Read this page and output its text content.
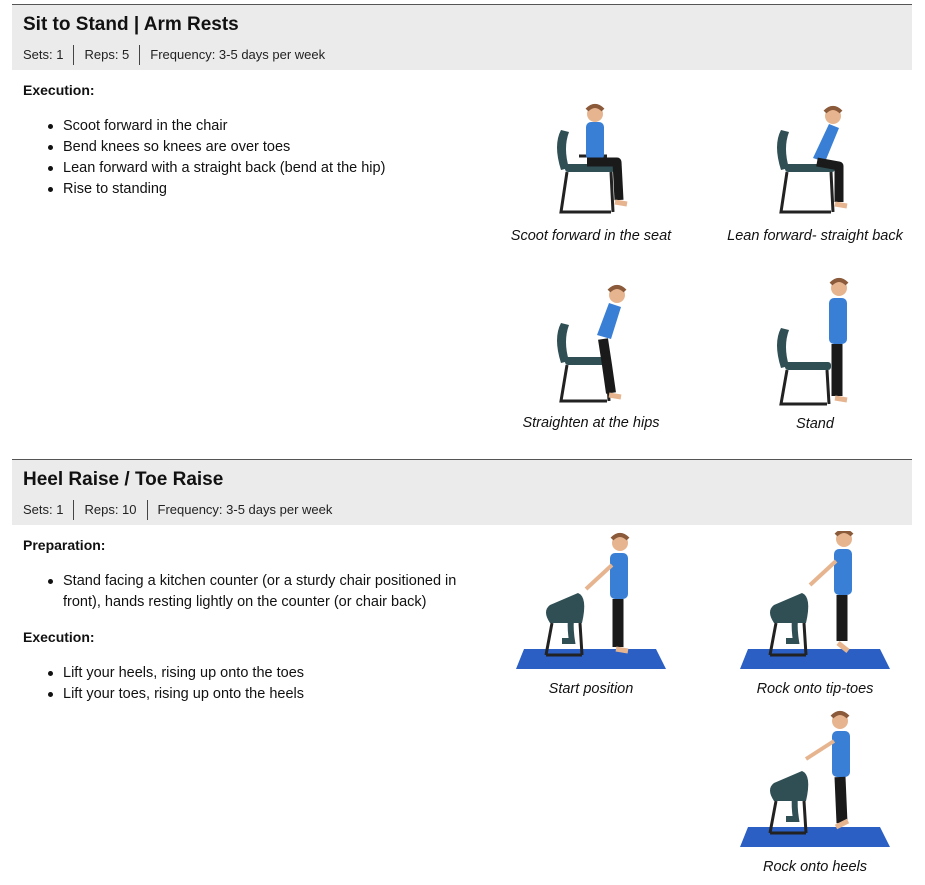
Sit to Stand | Arm Rests
Sets: 1	Reps: 5	Frequency: 3-5 days per week
Execution:
Scoot forward in the chair
Bend knees so knees are over toes
Lean forward with a straight back (bend at the hip)
Rise to standing
Scoot forward in the seat	Lean forward- straight back
Straighten at the hips	Stand
Heel Raise / Toe Raise
Sets: 1	Reps: 10	Frequency: 3-5 days per week
Preparation:
Stand facing a kitchen counter (or a sturdy chair positioned in front), hands resting lightly on the counter (or chair back)
Execution:
Lift your heels, rising up onto the toes
Lift your toes, rising up onto the heels	Start position	Rock onto tip-toes
Rock onto heels
